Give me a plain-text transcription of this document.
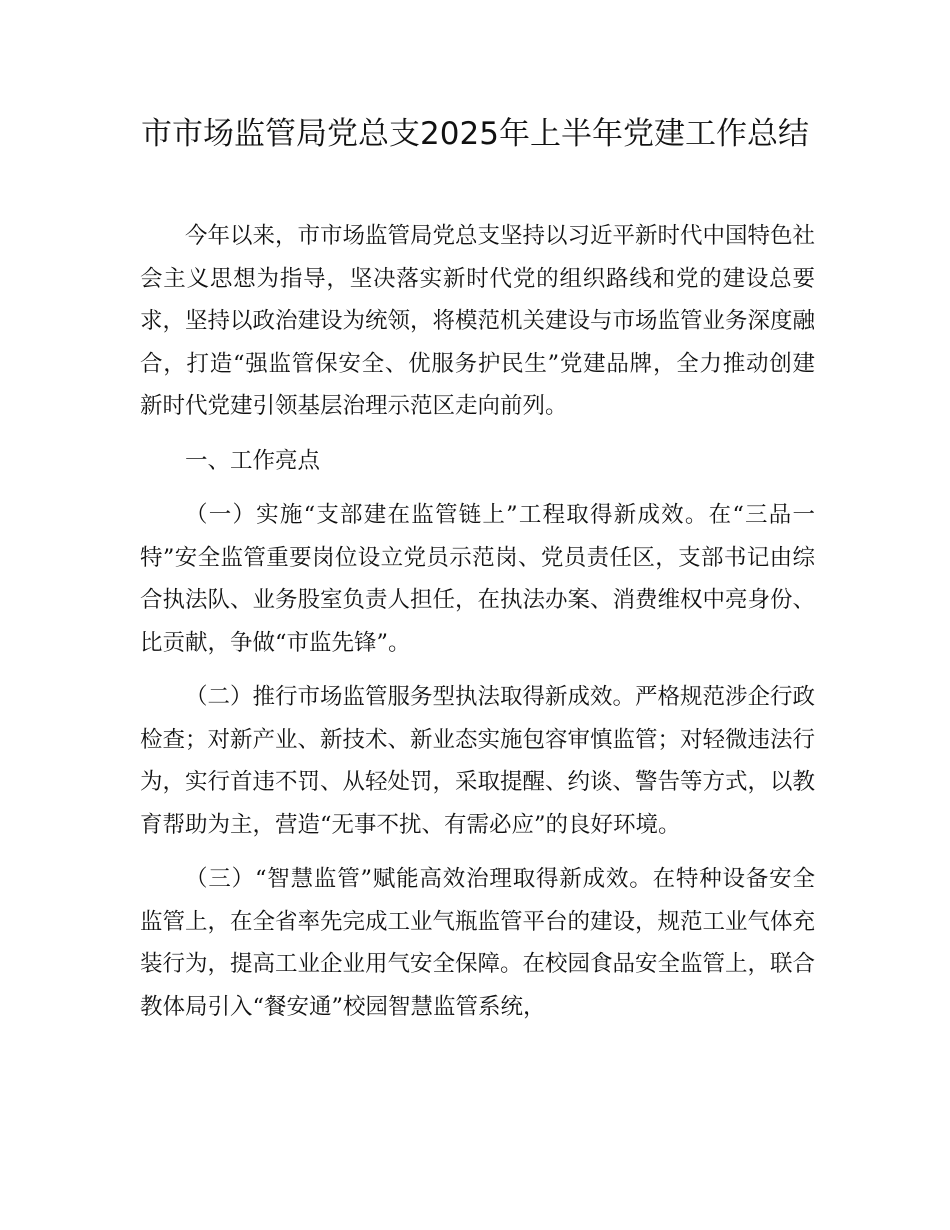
市市场监管局党总支2025年上半年党建工作总结

今年以来，市市场监管局党总支坚持以习近平新时代中国特色社会主义思想为指导，坚决落实新时代党的组织路线和党的建设总要求，坚持以政治建设为统领，将模范机关建设与市场监管业务深度融合，打造“强监管保安全、优服务护民生”党建品牌，全力推动创建新时代党建引领基层治理示范区走向前列。

一、工作亮点

（一）实施“支部建在监管链上”工程取得新成效。在“三品一特”安全监管重要岗位设立党员示范岗、党员责任区，支部书记由综合执法队、业务股室负责人担任，在执法办案、消费维权中亮身份、比贡献，争做“市监先锋”。

（二）推行市场监管服务型执法取得新成效。严格规范涉企行政检查；对新产业、新技术、新业态实施包容审慎监管；对轻微违法行为，实行首违不罚、从轻处罚，采取提醒、约谈、警告等方式，以教育帮助为主，营造“无事不扰、有需必应”的良好环境。

（三）“智慧监管”赋能高效治理取得新成效。在特种设备安全监管上，在全省率先完成工业气瓶监管平台的建设，规范工业气体充装行为，提高工业企业用气安全保障。在校园食品安全监管上，联合教体局引入“餐安通”校园智慧监管系统，
